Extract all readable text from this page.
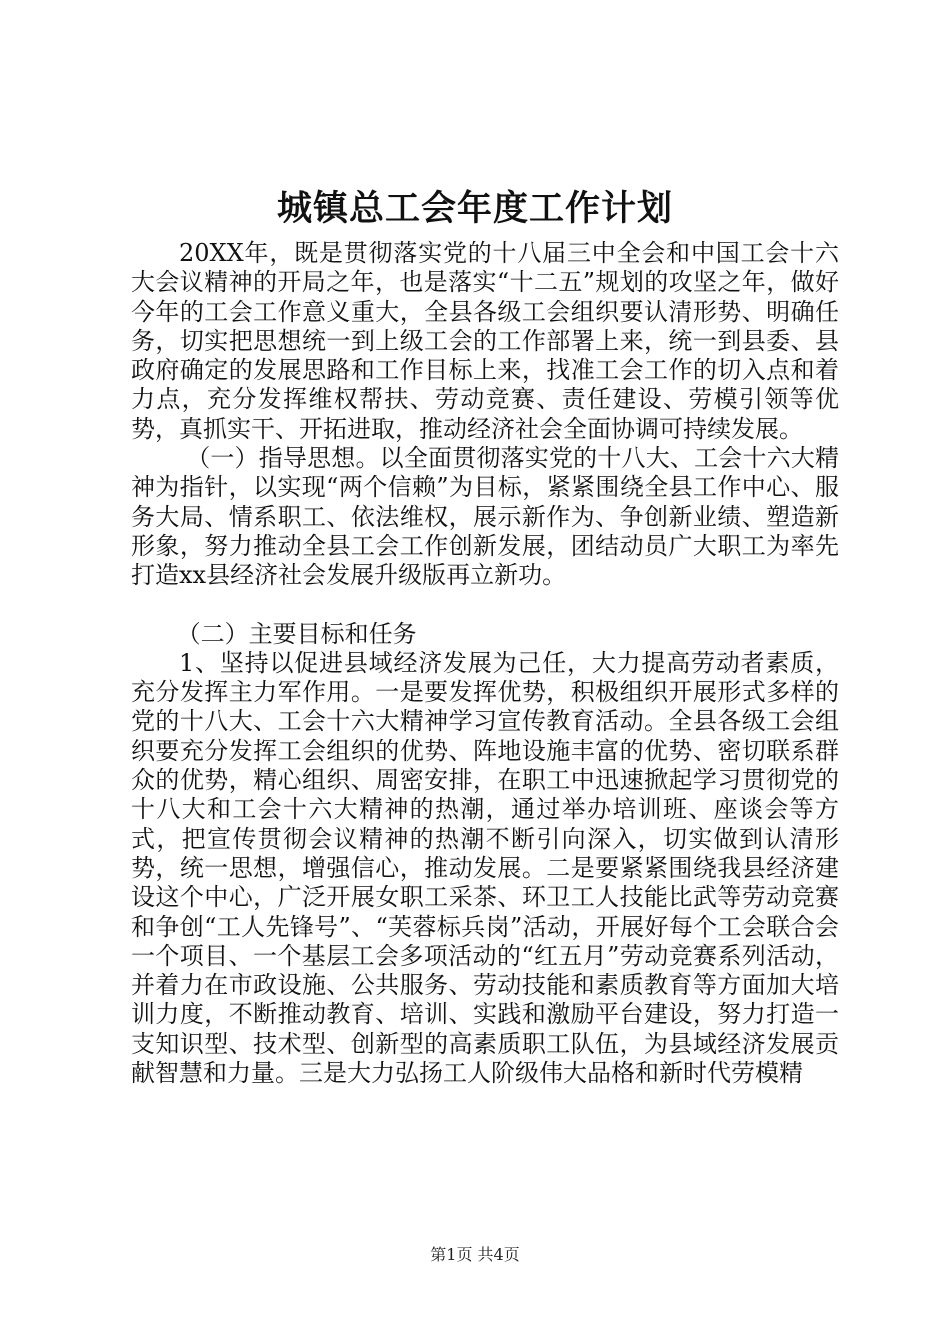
城镇总工会年度工作计划

20XX年，既是贯彻落实党的十八届三中全会和中国工会十六大会议精神的开局之年，也是落实“十二五”规划的攻坚之年，做好今年的工会工作意义重大，全县各级工会组织要认清形势、明确任务，切实把思想统一到上级工会的工作部署上来，统一到县委、县政府确定的发展思路和工作目标上来，找准工会工作的切入点和着力点，充分发挥维权帮扶、劳动竞赛、责任建设、劳模引领等优势，真抓实干、开拓进取，推动经济社会全面协调可持续发展。

（一）指导思想。以全面贯彻落实党的十八大、工会十六大精神为指针，以实现“两个信赖”为目标，紧紧围绕全县工作中心、服务大局、情系职工、依法维权，展示新作为、争创新业绩、塑造新形象，努力推动全县工会工作创新发展，团结动员广大职工为率先打造xx县经济社会发展升级版再立新功。

（二）主要目标和任务

1、坚持以促进县域经济发展为己任，大力提高劳动者素质，充分发挥主力军作用。一是要发挥优势，积极组织开展形式多样的党的十八大、工会十六大精神学习宣传教育活动。全县各级工会组织要充分发挥工会组织的优势、阵地设施丰富的优势、密切联系群众的优势，精心组织、周密安排，在职工中迅速掀起学习贯彻党的十八大和工会十六大精神的热潮，通过举办培训班、座谈会等方式，把宣传贯彻会议精神的热潮不断引向深入，切实做到认清形势，统一思想，增强信心，推动发展。二是要紧紧围绕我县经济建设这个中心，广泛开展女职工采茶、环卫工人技能比武等劳动竞赛和争创“工人先锋号”、“芙蓉标兵岗”活动，开展好每个工会联合会一个项目、一个基层工会多项活动的“红五月”劳动竞赛系列活动，并着力在市政设施、公共服务、劳动技能和素质教育等方面加大培训力度，不断推动教育、培训、实践和激励平台建设，努力打造一支知识型、技术型、创新型的高素质职工队伍，为县域经济发展贡献智慧和力量。三是大力弘扬工人阶级伟大品格和新时代劳模精

第1页 共4页
